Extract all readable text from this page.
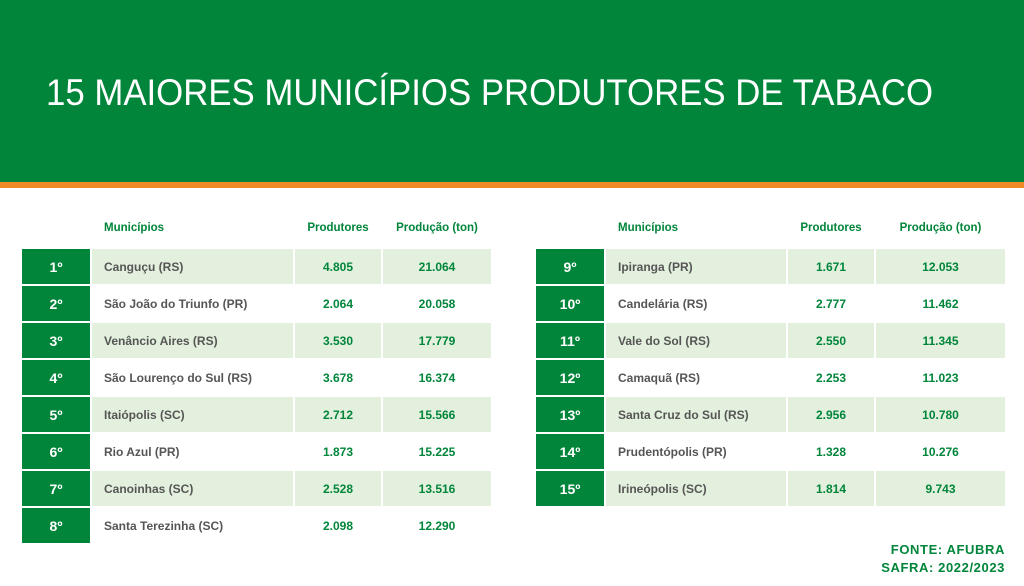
15 MAIORES MUNICÍPIOS PRODUTORES DE TABACO
Municípios	Produtores	Produção (ton)
1º	Canguçu (RS)	4.805	21.064
2º	São João do Triunfo (PR)	2.064	20.058
3º	Venâncio Aires (RS)	3.530	17.779
4º	São Lourenço do Sul (RS)	3.678	16.374
5º	Itaiópolis (SC)	2.712	15.566
6º	Rio Azul (PR)	1.873	15.225
7º	Canoinhas (SC)	2.528	13.516
8º	Santa Terezinha (SC)	2.098	12.290
Municípios	Produtores	Produção (ton)
9º	Ipiranga (PR)	1.671	12.053
10º	Candelária (RS)	2.777	11.462
11º	Vale do Sol (RS)	2.550	11.345
12º	Camaquã (RS)	2.253	11.023
13º	Santa Cruz do Sul (RS)	2.956	10.780
14º	Prudentópolis (PR)	1.328	10.276
15º	Irineópolis (SC)	1.814	9.743
FONTE: AFUBRA
SAFRA: 2022/2023
